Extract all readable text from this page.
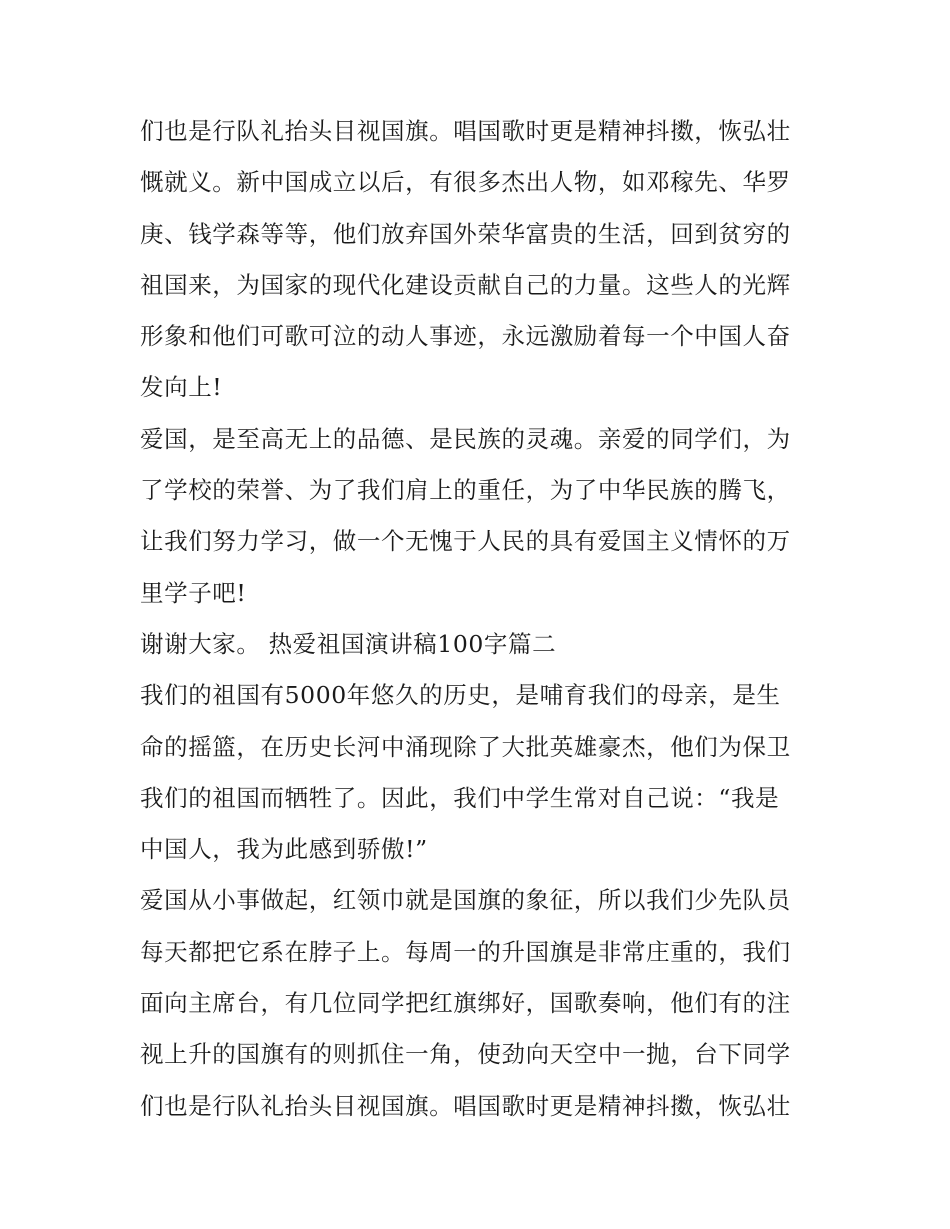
们也是行队礼抬头目视国旗。唱国歌时更是精神抖擞，恢弘壮
慨就义。新中国成立以后，有很多杰出人物，如邓稼先、华罗
庚、钱学森等等，他们放弃国外荣华富贵的生活，回到贫穷的
祖国来，为国家的现代化建设贡献自己的力量。这些人的光辉
形象和他们可歌可泣的动人事迹，永远激励着每一个中国人奋
发向上!
爱国，是至高无上的品德、是民族的灵魂。亲爱的同学们，为
了学校的荣誉、为了我们肩上的重任，为了中华民族的腾飞，
让我们努力学习，做一个无愧于人民的具有爱国主义情怀的万
里学子吧!
谢谢大家。 热爱祖国演讲稿100字篇二
我们的祖国有5000年悠久的历史，是哺育我们的母亲，是生
命的摇篮，在历史长河中涌现除了大批英雄豪杰，他们为保卫
我们的祖国而牺牲了。因此，我们中学生常对自己说：“我是
中国人，我为此感到骄傲!”
爱国从小事做起，红领巾就是国旗的象征，所以我们少先队员
每天都把它系在脖子上。每周一的升国旗是非常庄重的，我们
面向主席台，有几位同学把红旗绑好，国歌奏响，他们有的注
视上升的国旗有的则抓住一角，使劲向天空中一抛，台下同学
们也是行队礼抬头目视国旗。唱国歌时更是精神抖擞，恢弘壮
